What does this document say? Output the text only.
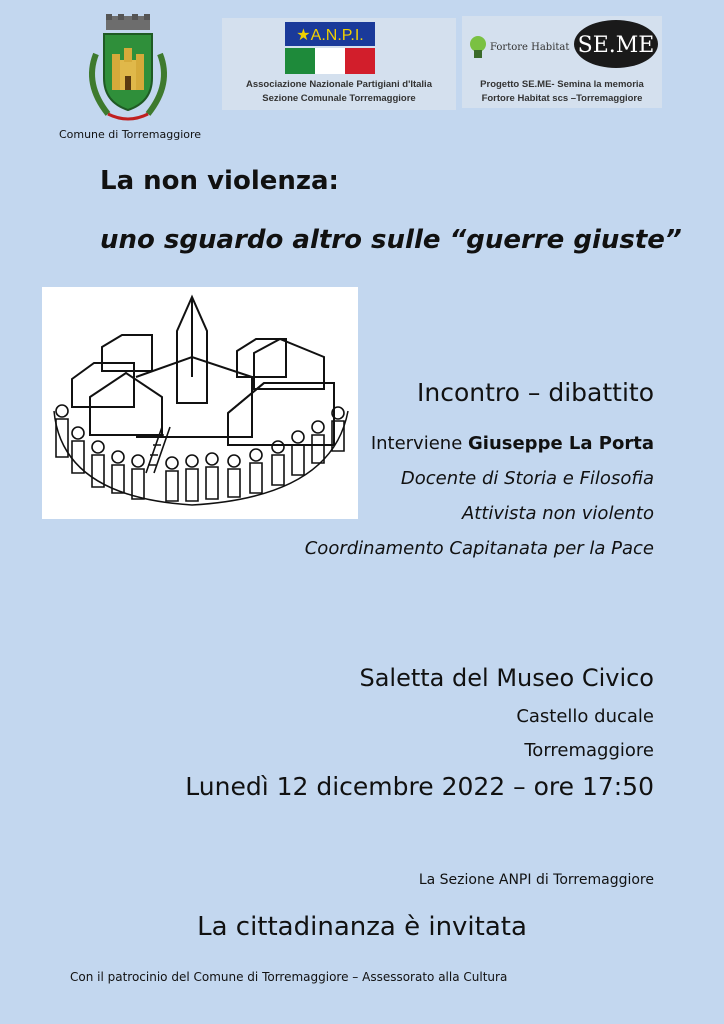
Comune di Torremaggiore
★A.N.P.I.
Associazione Nazionale Partigiani d'Italia
Sezione Comunale Torremaggiore
Fortore Habitat SE.ME
Progetto SE.ME- Semina la memoria
Fortore Habitat scs –Torremaggiore
La non violenza:
uno sguardo altro sulle “guerre giuste”
Incontro – dibattito
Interviene Giuseppe La Porta
Docente di Storia e Filosofia
Attivista non violento
Coordinamento Capitanata per la Pace
Saletta del Museo Civico
Castello ducale
Torremaggiore
Lunedì 12 dicembre 2022 – ore 17:50
La Sezione ANPI di Torremaggiore
La cittadinanza è invitata
Con il patrocinio del Comune di Torremaggiore – Assessorato alla Cultura
